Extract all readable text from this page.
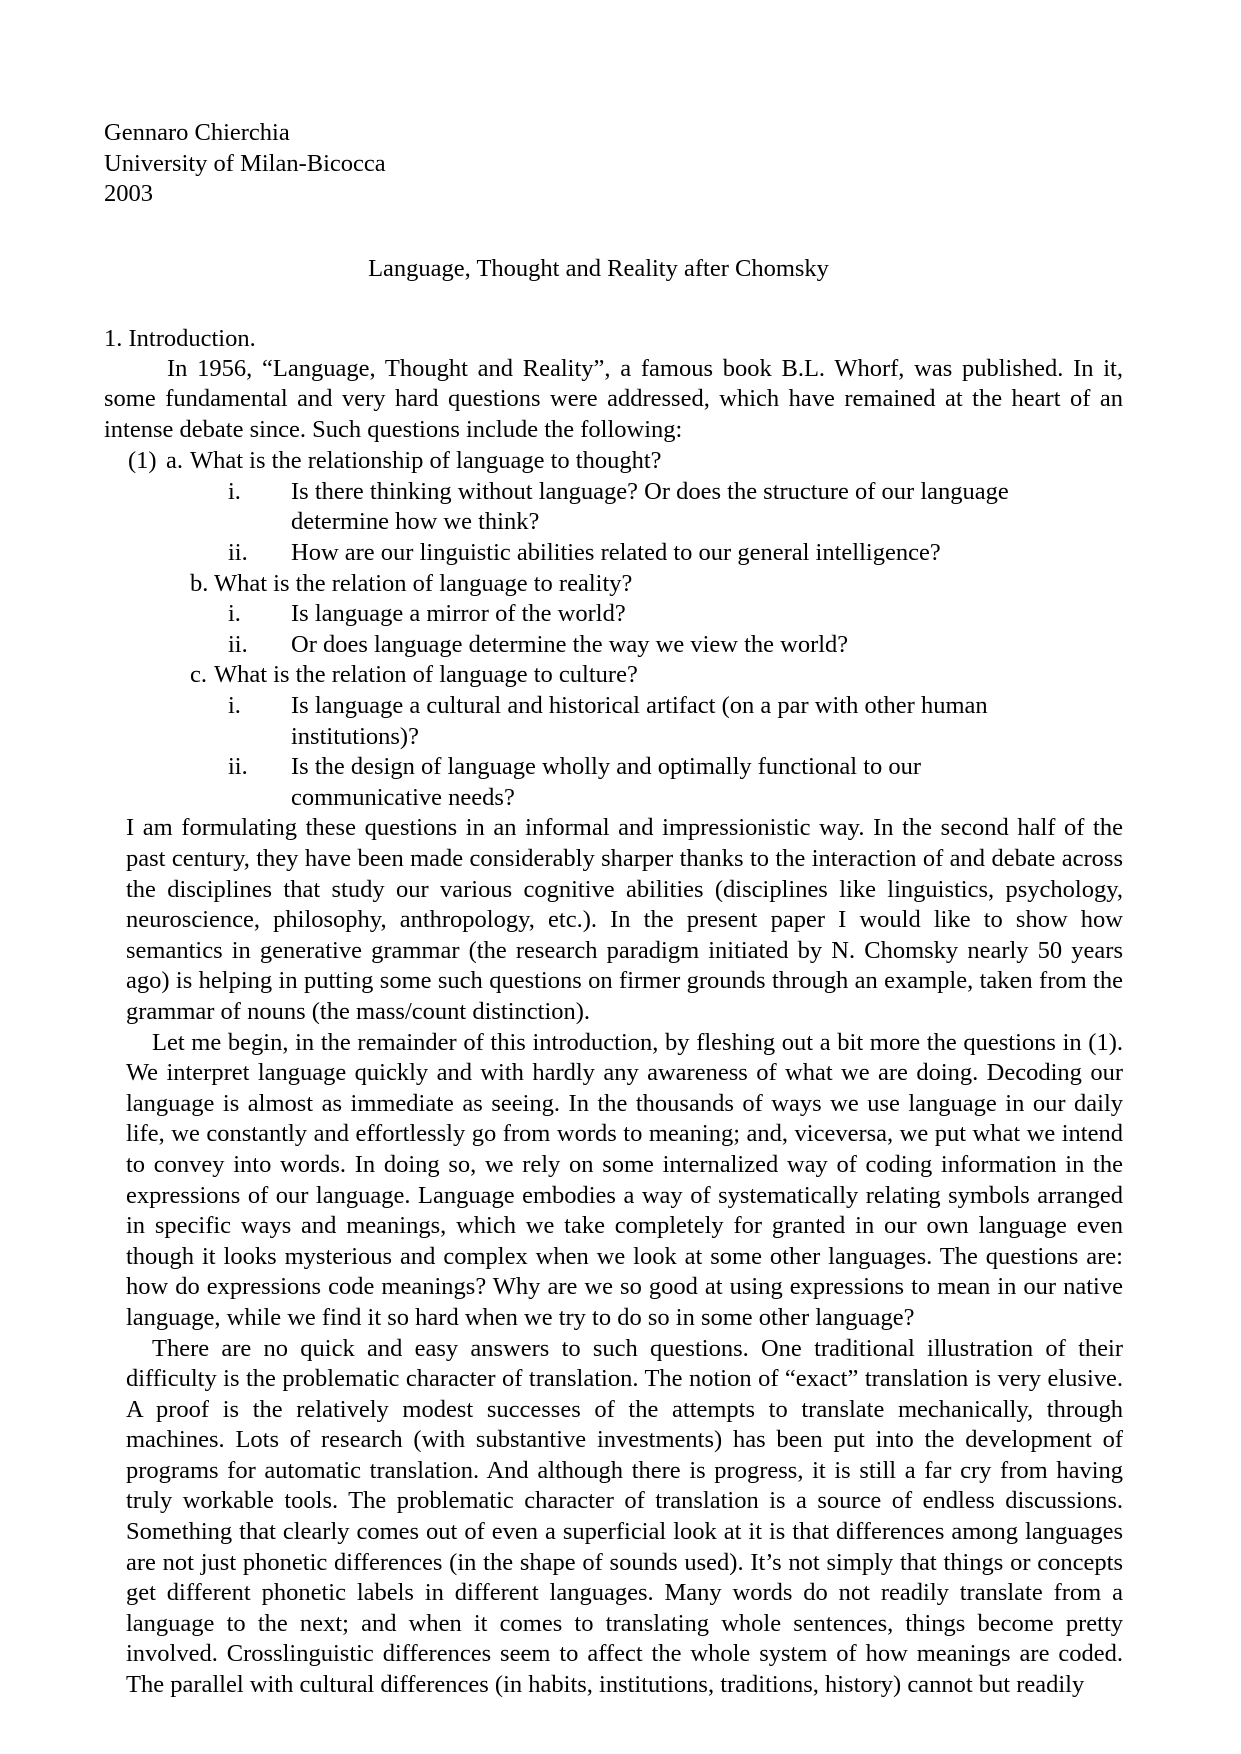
Gennaro Chierchia
University of Milan-Bicocca
2003
Language, Thought and Reality after Chomsky
1. Introduction.

In 1956, “Language, Thought and Reality”, a famous book B.L. Whorf, was published. In it, some fundamental and very hard questions were addressed, which have remained at the heart of an intense debate since. Such questions include the following:

(1) a. What is the relationship of language to thought?
i.	Is there thinking without language? Or does the structure of our language determine how we think?
ii.	How are our linguistic abilities related to our general intelligence?
b. What is the relation of language to reality?
i.	Is language a mirror of the world?
ii.	Or does language determine the way we view the world?
c. What is the relation of language to culture?
i.	Is language a cultural and historical artifact (on a par with other human institutions)?
ii.	Is the design of language wholly and optimally functional to our communicative needs?

I am formulating these questions in an informal and impressionistic way. In the second half of the past century, they have been made considerably sharper thanks to the interaction of and debate across the disciplines that study our various cognitive abilities (disciplines like linguistics, psychology, neuroscience, philosophy, anthropology, etc.). In the present paper I would like to show how semantics in generative grammar (the research paradigm initiated by N. Chomsky nearly 50 years ago) is helping in putting some such questions on firmer grounds through an example, taken from the grammar of nouns (the mass/count distinction).

Let me begin, in the remainder of this introduction, by fleshing out a bit more the questions in (1). We interpret language quickly and with hardly any awareness of what we are doing. Decoding our language is almost as immediate as seeing. In the thousands of ways we use language in our daily life, we constantly and effortlessly go from words to meaning; and, viceversa, we put what we intend to convey into words. In doing so, we rely on some internalized way of coding information in the expressions of our language. Language embodies a way of systematically relating symbols arranged in specific ways and meanings, which we take completely for granted in our own language even though it looks mysterious and complex when we look at some other languages. The questions are: how do expressions code meanings? Why are we so good at using expressions to mean in our native language, while we find it so hard when we try to do so in some other language?

There are no quick and easy answers to such questions. One traditional illustration of their difficulty is the problematic character of translation. The notion of “exact” translation is very elusive. A proof is the relatively modest successes of the attempts to translate mechanically, through machines. Lots of research (with substantive investments) has been put into the development of programs for automatic translation. And although there is progress, it is still a far cry from having truly workable tools. The problematic character of translation is a source of endless discussions. Something that clearly comes out of even a superficial look at it is that differences among languages are not just phonetic differences (in the shape of sounds used). It’s not simply that things or concepts get different phonetic labels in different languages. Many words do not readily translate from a language to the next; and when it comes to translating whole sentences, things become pretty involved. Crosslinguistic differences seem to affect the whole system of how meanings are coded. The parallel with cultural differences (in habits, institutions, traditions, history) cannot but readily
